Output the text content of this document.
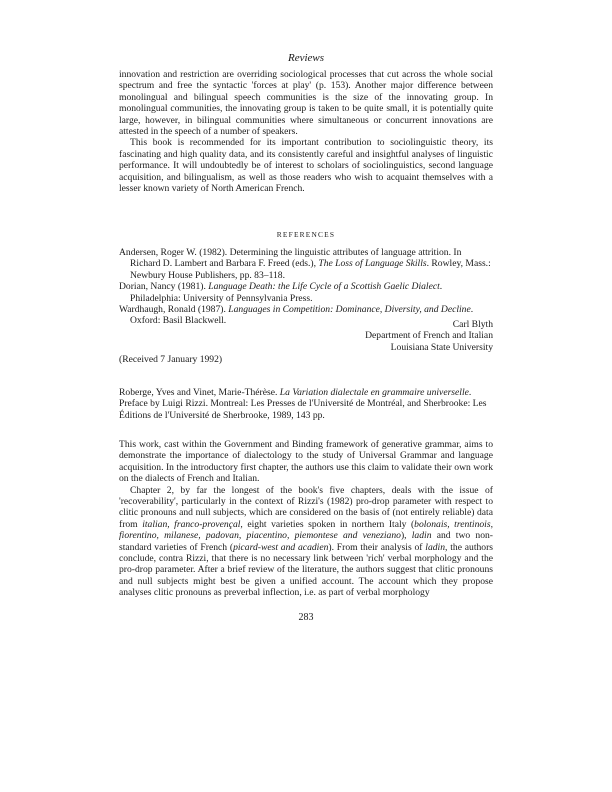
Reviews

innovation and restriction are overriding sociological processes that cut across the whole social spectrum and free the syntactic 'forces at play' (p. 153). Another major difference between monolingual and bilingual speech communities is the size of the innovating group. In monolingual communities, the innovating group is taken to be quite small, it is potentially quite large, however, in bilingual communities where simultaneous or concurrent innovations are attested in the speech of a number of speakers.

This book is recommended for its important contribution to sociolinguistic theory, its fascinating and high quality data, and its consistently careful and insightful analyses of linguistic performance. It will undoubtedly be of interest to scholars of sociolinguistics, second language acquisition, and bilingualism, as well as those readers who wish to acquaint themselves with a lesser known variety of North American French.

REFERENCES
Andersen, Roger W. (1982). Determining the linguistic attributes of language attrition. In Richard D. Lambert and Barbara F. Freed (eds.), The Loss of Language Skills. Rowley, Mass.: Newbury House Publishers, pp. 83–118.
Dorian, Nancy (1981). Language Death: the Life Cycle of a Scottish Gaelic Dialect. Philadelphia: University of Pennsylvania Press.
Wardhaugh, Ronald (1987). Languages in Competition: Dominance, Diversity, and Decline. Oxford: Basil Blackwell.	Carl Blyth
Department of French and Italian
Louisiana State University
(Received 7 January 1992)

Roberge, Yves and Vinet, Marie-Thérèse. La Variation dialectale en grammaire universelle. Preface by Luigi Rizzi. Montreal: Les Presses de l'Université de Montréal, and Sherbrooke: Les Éditions de l'Université de Sherbrooke, 1989, 143 pp.

This work, cast within the Government and Binding framework of generative grammar, aims to demonstrate the importance of dialectology to the study of Universal Grammar and language acquisition. In the introductory first chapter, the authors use this claim to validate their own work on the dialects of French and Italian.

Chapter 2, by far the longest of the book's five chapters, deals with the issue of 'recoverability', particularly in the context of Rizzi's (1982) pro-drop parameter with respect to clitic pronouns and null subjects, which are considered on the basis of (not entirely reliable) data from italian, franco-provençal, eight varieties spoken in northern Italy (bolonais, trentinois, fiorentino, milanese, padovan, piacentino, piemontese and veneziano), ladin and two non-standard varieties of French (picard-west and acadien). From their analysis of ladin, the authors conclude, contra Rizzi, that there is no necessary link between 'rich' verbal morphology and the pro-drop parameter. After a brief review of the literature, the authors suggest that clitic pronouns and null subjects might best be given a unified account. The account which they propose analyses clitic pronouns as preverbal inflection, i.e. as part of verbal morphology

283
